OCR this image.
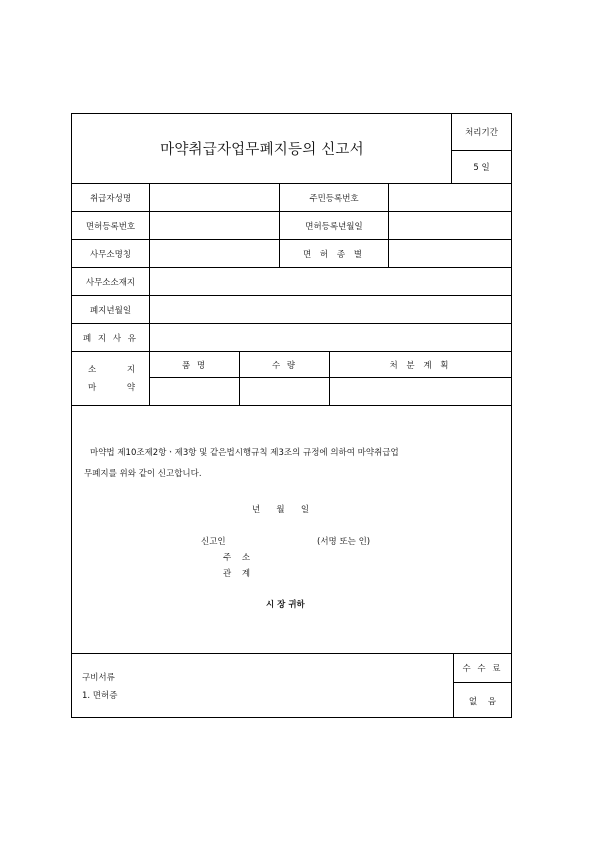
마약취급자업무폐지등의 신고서
처리기간
5 일
취급자성명	주민등록번호
면허등록번호	면허등록년월일
사무소명칭	면 허 종 별
사무소소재지
폐지년월일
폐 지 사 유
소 지
마 약
품 명	수 량	처 분 계 획
마약법 제10조제2항ㆍ제3항 및 같은법시행규칙 제3조의 규정에 의하여 마약취급업
무폐지를 위와 같이 신고합니다.
년      월      일
신고인	(서명 또는 인)
주 소
관 계
시 장 귀하
구비서류
1. 면허증
수 수 료
없    음
